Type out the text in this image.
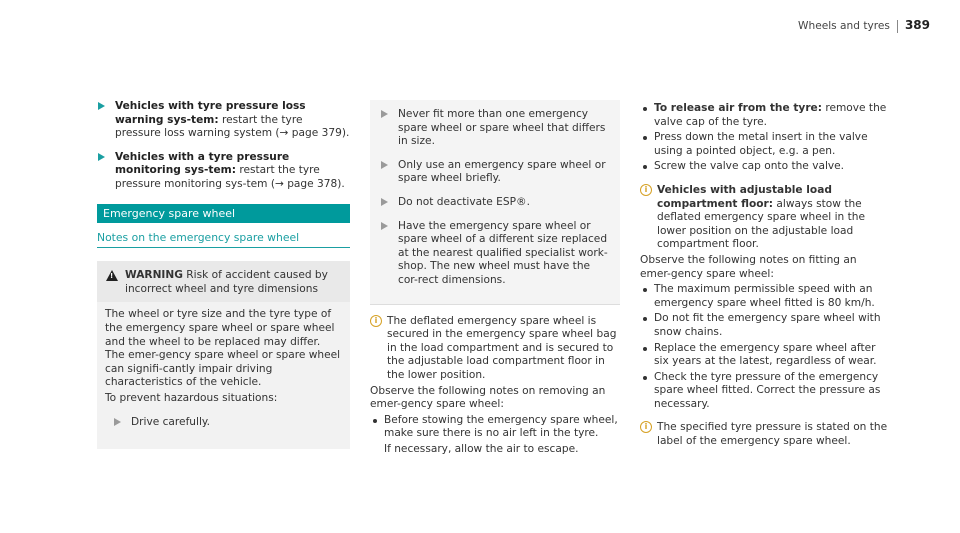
Wheels and tyres 389
Vehicles with tyre pressure loss warning sys-tem: restart the tyre pressure loss warning system (→ page 379).
Vehicles with a tyre pressure monitoring sys-tem: restart the tyre pressure monitoring sys-tem (→ page 378).
Emergency spare wheel
Notes on the emergency spare wheel
!
WARNING Risk of accident caused by incorrect wheel and tyre dimensions

The wheel or tyre size and the tyre type of the emergency spare wheel or spare wheel and the wheel to be replaced may differ. The emer-gency spare wheel or spare wheel can signifi-cantly impair driving characteristics of the vehicle.

To prevent hazardous situations:

Drive carefully.
Never fit more than one emergency spare wheel or spare wheel that differs in size.
Only use an emergency spare wheel or spare wheel briefly.
Do not deactivate ESP®.
Have the emergency spare wheel or spare wheel of a different size replaced at the nearest qualified specialist work-shop. The new wheel must have the cor-rect dimensions.
i The deflated emergency spare wheel is secured in the emergency spare wheel bag in the load compartment and is secured to the adjustable load compartment floor in the lower position.
Observe the following notes on removing an emer-gency spare wheel:
Before stowing the emergency spare wheel, make sure there is no air left in the tyre.
If necessary, allow the air to escape.
To release air from the tyre: remove the valve cap of the tyre.
Press down the metal insert in the valve using a pointed object, e.g. a pen.
Screw the valve cap onto the valve.
i Vehicles with adjustable load compartment floor: always stow the deflated emergency spare wheel in the lower position on the adjustable load compartment floor.
Observe the following notes on fitting an emer-gency spare wheel:
The maximum permissible speed with an emergency spare wheel fitted is 80 km/h.
Do not fit the emergency spare wheel with snow chains.
Replace the emergency spare wheel after six years at the latest, regardless of wear.
Check the tyre pressure of the emergency spare wheel fitted. Correct the pressure as necessary.
i The specified tyre pressure is stated on the label of the emergency spare wheel.
